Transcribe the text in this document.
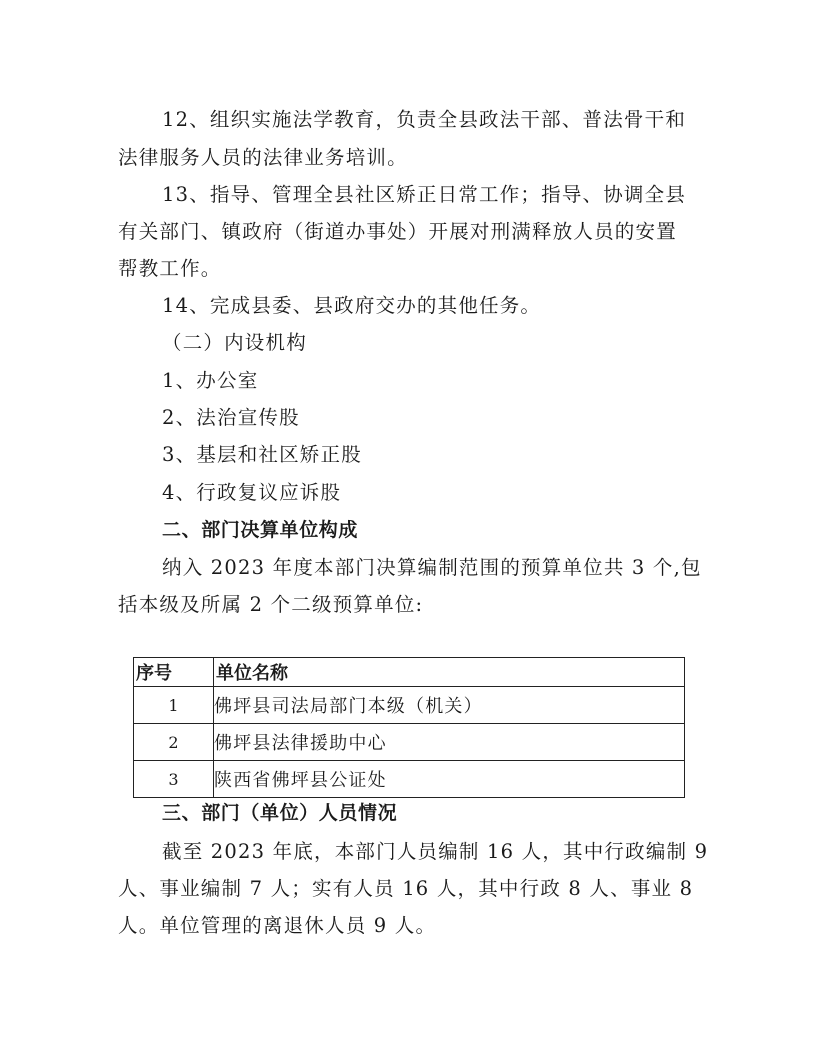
12、组织实施法学教育，负责全县政法干部、普法骨干和
法律服务人员的法律业务培训。
13、指导、管理全县社区矫正日常工作；指导、协调全县
有关部门、镇政府（街道办事处）开展对刑满释放人员的安置
帮教工作。
14、完成县委、县政府交办的其他任务。
（二）内设机构
1、办公室
2、法治宣传股
3、基层和社区矫正股
4、行政复议应诉股
二、部门决算单位构成
纳入 2023 年度本部门决算编制范围的预算单位共 3 个,包
括本级及所属 2 个二级预算单位:
序号	单位名称
1	佛坪县司法局部门本级（机关）
2	佛坪县法律援助中心
3	陕西省佛坪县公证处
三、部门（单位）人员情况
截至 2023 年底，本部门人员编制 16 人，其中行政编制 9
人、事业编制 7 人；实有人员 16 人，其中行政 8 人、事业 8
人。单位管理的离退休人员 9 人。
